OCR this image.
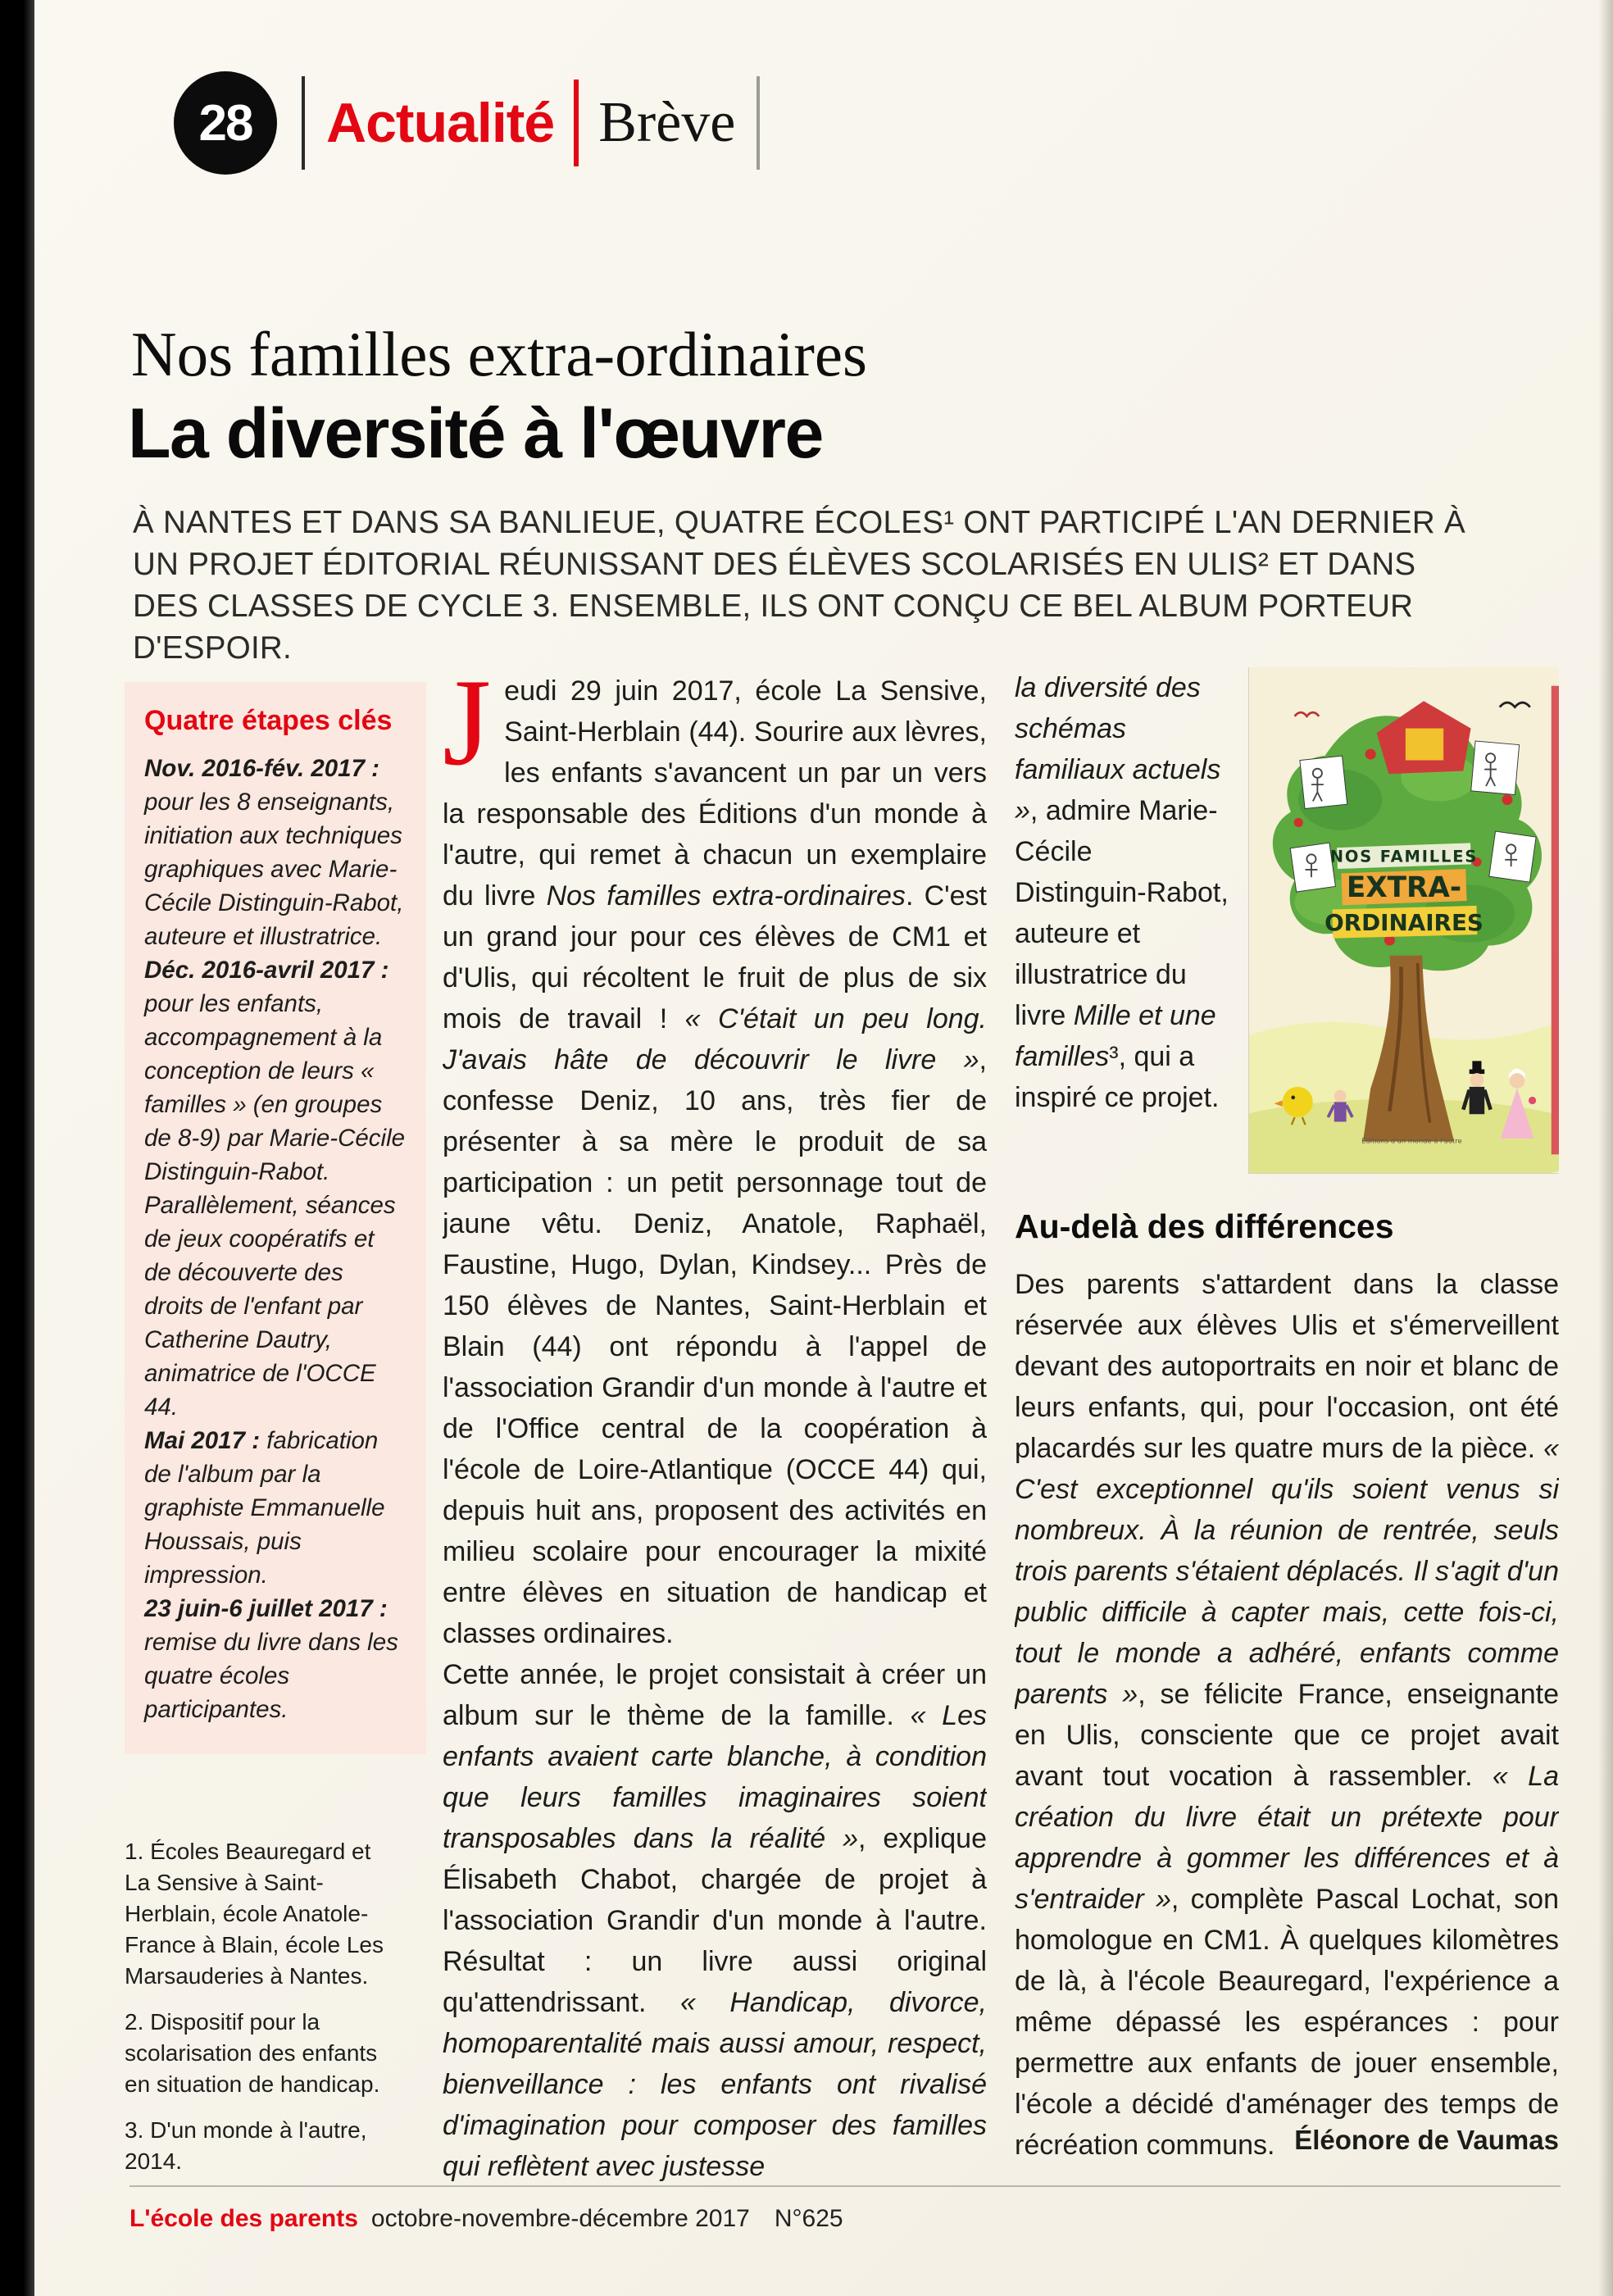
28	Actualité Brève
Nos familles extra-ordinaires
La diversité à l'œuvre

À NANTES ET DANS SA BANLIEUE, QUATRE ÉCOLES¹ ONT PARTICIPÉ L'AN DERNIER À UN PROJET ÉDITORIAL RÉUNISSANT DES ÉLÈVES SCOLARISÉS EN ULIS² ET DANS DES CLASSES DE CYCLE 3. ENSEMBLE, ILS ONT CONÇU CE BEL ALBUM PORTEUR D'ESPOIR.

Quatre étapes clés

Nov. 2016-fév. 2017 : pour les 8 enseignants, initiation aux techniques graphiques avec Marie-Cécile Distinguin-Rabot, auteure et illustratrice.

Déc. 2016-avril 2017 : pour les enfants, accompagnement à la conception de leurs « familles » (en groupes de 8-9) par Marie-Cécile Distinguin-Rabot. Parallèlement, séances de jeux coopératifs et de découverte des droits de l'enfant par Catherine Dautry, animatrice de l'OCCE 44.

Mai 2017 : fabrication de l'album par la graphiste Emmanuelle Houssais, puis impression.

23 juin-6 juillet 2017 : remise du livre dans les quatre écoles participantes.

1. Écoles Beauregard et La Sensive à Saint-Herblain, école Anatole-France à Blain, école Les Marsauderies à Nantes.

2. Dispositif pour la scolarisation des enfants en situation de handicap.

3. D'un monde à l'autre, 2014.

Jeudi 29 juin 2017, école La Sensive, Saint-Herblain (44). Sourire aux lèvres, les enfants s'avancent un par un vers la responsable des Éditions d'un monde à l'autre, qui remet à chacun un exemplaire du livre Nos familles extra-ordinaires. C'est un grand jour pour ces élèves de CM1 et d'Ulis, qui récoltent le fruit de plus de six mois de travail ! « C'était un peu long. J'avais hâte de découvrir le livre », confesse Deniz, 10 ans, très fier de présenter à sa mère le produit de sa participation : un petit personnage tout de jaune vêtu. Deniz, Anatole, Raphaël, Faustine, Hugo, Dylan, Kindsey... Près de 150 élèves de Nantes, Saint-Herblain et Blain (44) ont répondu à l'appel de l'association Grandir d'un monde à l'autre et de l'Office central de la coopération à l'école de Loire-Atlantique (OCCE 44) qui, depuis huit ans, proposent des activités en milieu scolaire pour encourager la mixité entre élèves en situation de handicap et classes ordinaires.

Cette année, le projet consistait à créer un album sur le thème de la famille. « Les enfants avaient carte blanche, à condition que leurs familles imaginaires soient transposables dans la réalité », explique Élisabeth Chabot, chargée de projet à l'association Grandir d'un monde à l'autre. Résultat : un livre aussi original qu'attendrissant. « Handicap, divorce, homoparentalité mais aussi amour, respect, bienveillance : les enfants ont rivalisé d'imagination pour composer des familles qui reflètent avec justesse

la diversité des schémas familiaux actuels », admire Marie-Cécile Distinguin-Rabot, auteure et illustratrice du livre Mille et une familles³, qui a inspiré ce projet.
NOS FAMILLES
EXTRA-
ORDINAIRES
Éditions d'un monde à l'autre
Au-delà des différences

Des parents s'attardent dans la classe réservée aux élèves Ulis et s'émerveillent devant des autoportraits en noir et blanc de leurs enfants, qui, pour l'occasion, ont été placardés sur les quatre murs de la pièce. « C'est exceptionnel qu'ils soient venus si nombreux. À la réunion de rentrée, seuls trois parents s'étaient déplacés. Il s'agit d'un public difficile à capter mais, cette fois-ci, tout le monde a adhéré, enfants comme parents », se félicite France, enseignante en Ulis, consciente que ce projet avait avant tout vocation à rassembler. « La création du livre était un prétexte pour apprendre à gommer les différences et à s'entraider », complète Pascal Lochat, son homologue en CM1. À quelques kilomètres de là, à l'école Beauregard, l'expérience a même dépassé les espérances : pour permettre aux enfants de jouer ensemble, l'école a décidé d'aménager des temps de récréation communs. Éléonore de Vaumas
L'école des parents octobre-novembre-décembre 2017 N°625
